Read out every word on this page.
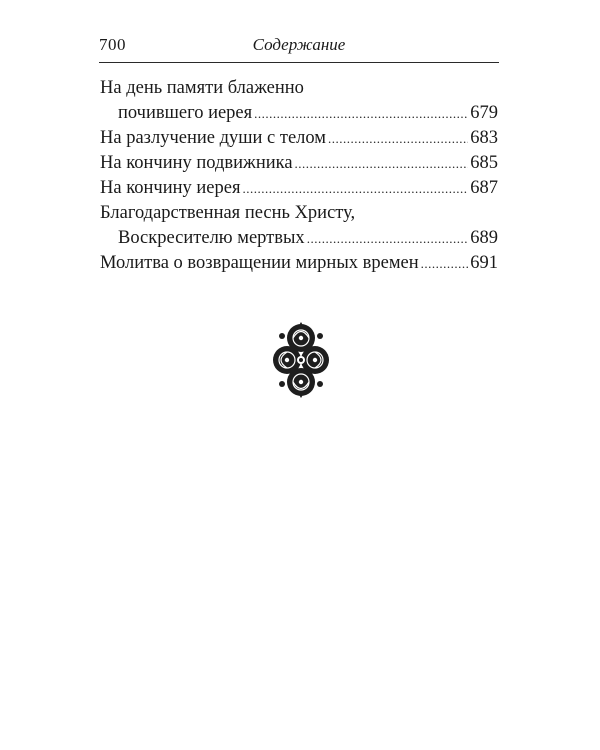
700	Содержание
На день памяти блаженно
почившего иерея .....	679
На разлучение души с телом .....	683
На кончину подвижника .....	685
На кончину иерея .....	687
Благодарственная песнь Христу,
Воскресителю мертвых .....	689
Молитва о возвращении мирных времен .....	691
